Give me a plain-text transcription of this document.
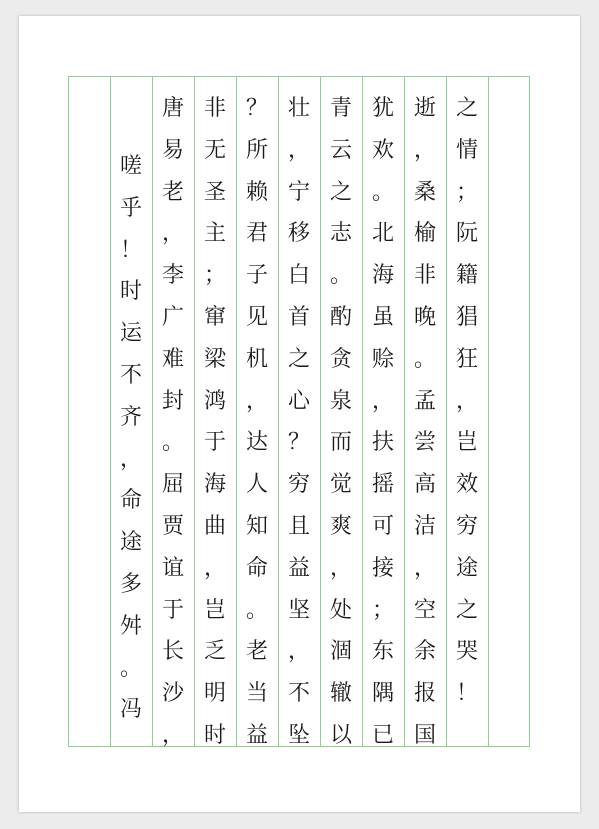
之
情
；
阮
籍
猖
狂
，
岂
效
穷
途
之
哭
！
逝
，
桑
榆
非
晚
。
孟
尝
高
洁
，
空
余
报
国
犹
欢
。
北
海
虽
赊
，
扶
摇
可
接
；
东
隅
已
青
云
之
志
。
酌
贪
泉
而
觉
爽
，
处
涸
辙
以
壮
，
宁
移
白
首
之
心
？
穷
且
益
坚
，
不
坠
？
所
赖
君
子
见
机
，
达
人
知
命
。
老
当
益
非
无
圣
主
；
窜
梁
鸿
于
海
曲
，
岂
乏
明
时
唐
易
老
，
李
广
难
封
。
屈
贾
谊
于
长
沙
，
嗟
乎
！
时
运
不
齐
，
命
途
多
舛
。
冯
